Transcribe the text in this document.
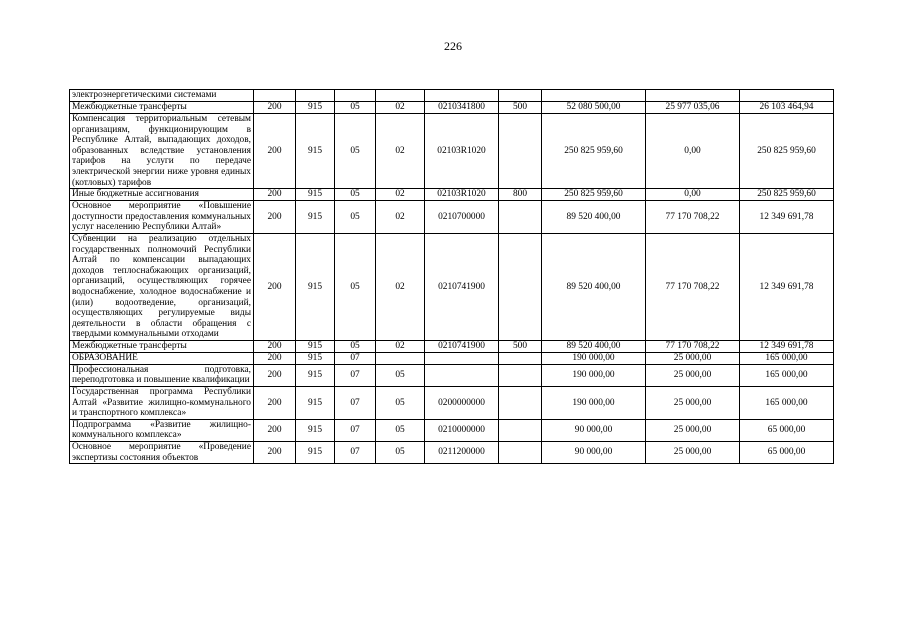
226
электроэнергетическими системами									
Межбюджетные трансферты	200	915	05	02	0210341800	500	52 080 500,00	25 977 035,06	26 103 464,94
Компенсация территориальным сетевым организациям, функционирующим в Республике Алтай, выпадающих доходов, образованных вследствие установления тарифов на услуги по передаче электрической энергии ниже уровня единых (котловых) тарифов	200	915	05	02	02103R1020		250 825 959,60	0,00	250 825 959,60
Иные бюджетные ассигнования	200	915	05	02	02103R1020	800	250 825 959,60	0,00	250 825 959,60
Основное мероприятие «Повышение доступности предоставления коммунальных услуг населению Республики Алтай»	200	915	05	02	0210700000		89 520 400,00	77 170 708,22	12 349 691,78
Субвенции на реализацию отдельных государственных полномочий Республики Алтай по компенсации выпадающих доходов теплоснабжающих организаций, организаций, осуществляющих горячее водоснабжение, холодное водоснабжение и (или) водоотведение, организаций, осуществляющих регулируемые виды деятельности в области обращения с твердыми коммунальными отходами	200	915	05	02	0210741900		89 520 400,00	77 170 708,22	12 349 691,78
Межбюджетные трансферты	200	915	05	02	0210741900	500	89 520 400,00	77 170 708,22	12 349 691,78
ОБРАЗОВАНИЕ	200	915	07				190 000,00	25 000,00	165 000,00
Профессиональная подготовка, переподготовка и повышение квалификации	200	915	07	05			190 000,00	25 000,00	165 000,00
Государственная программа Республики Алтай «Развитие жилищно-коммунального и транспортного комплекса»	200	915	07	05	0200000000		190 000,00	25 000,00	165 000,00
Подпрограмма «Развитие жилищно-коммунального комплекса»	200	915	07	05	0210000000		90 000,00	25 000,00	65 000,00
Основное мероприятие «Проведение экспертизы состояния объектов	200	915	07	05	0211200000		90 000,00	25 000,00	65 000,00
